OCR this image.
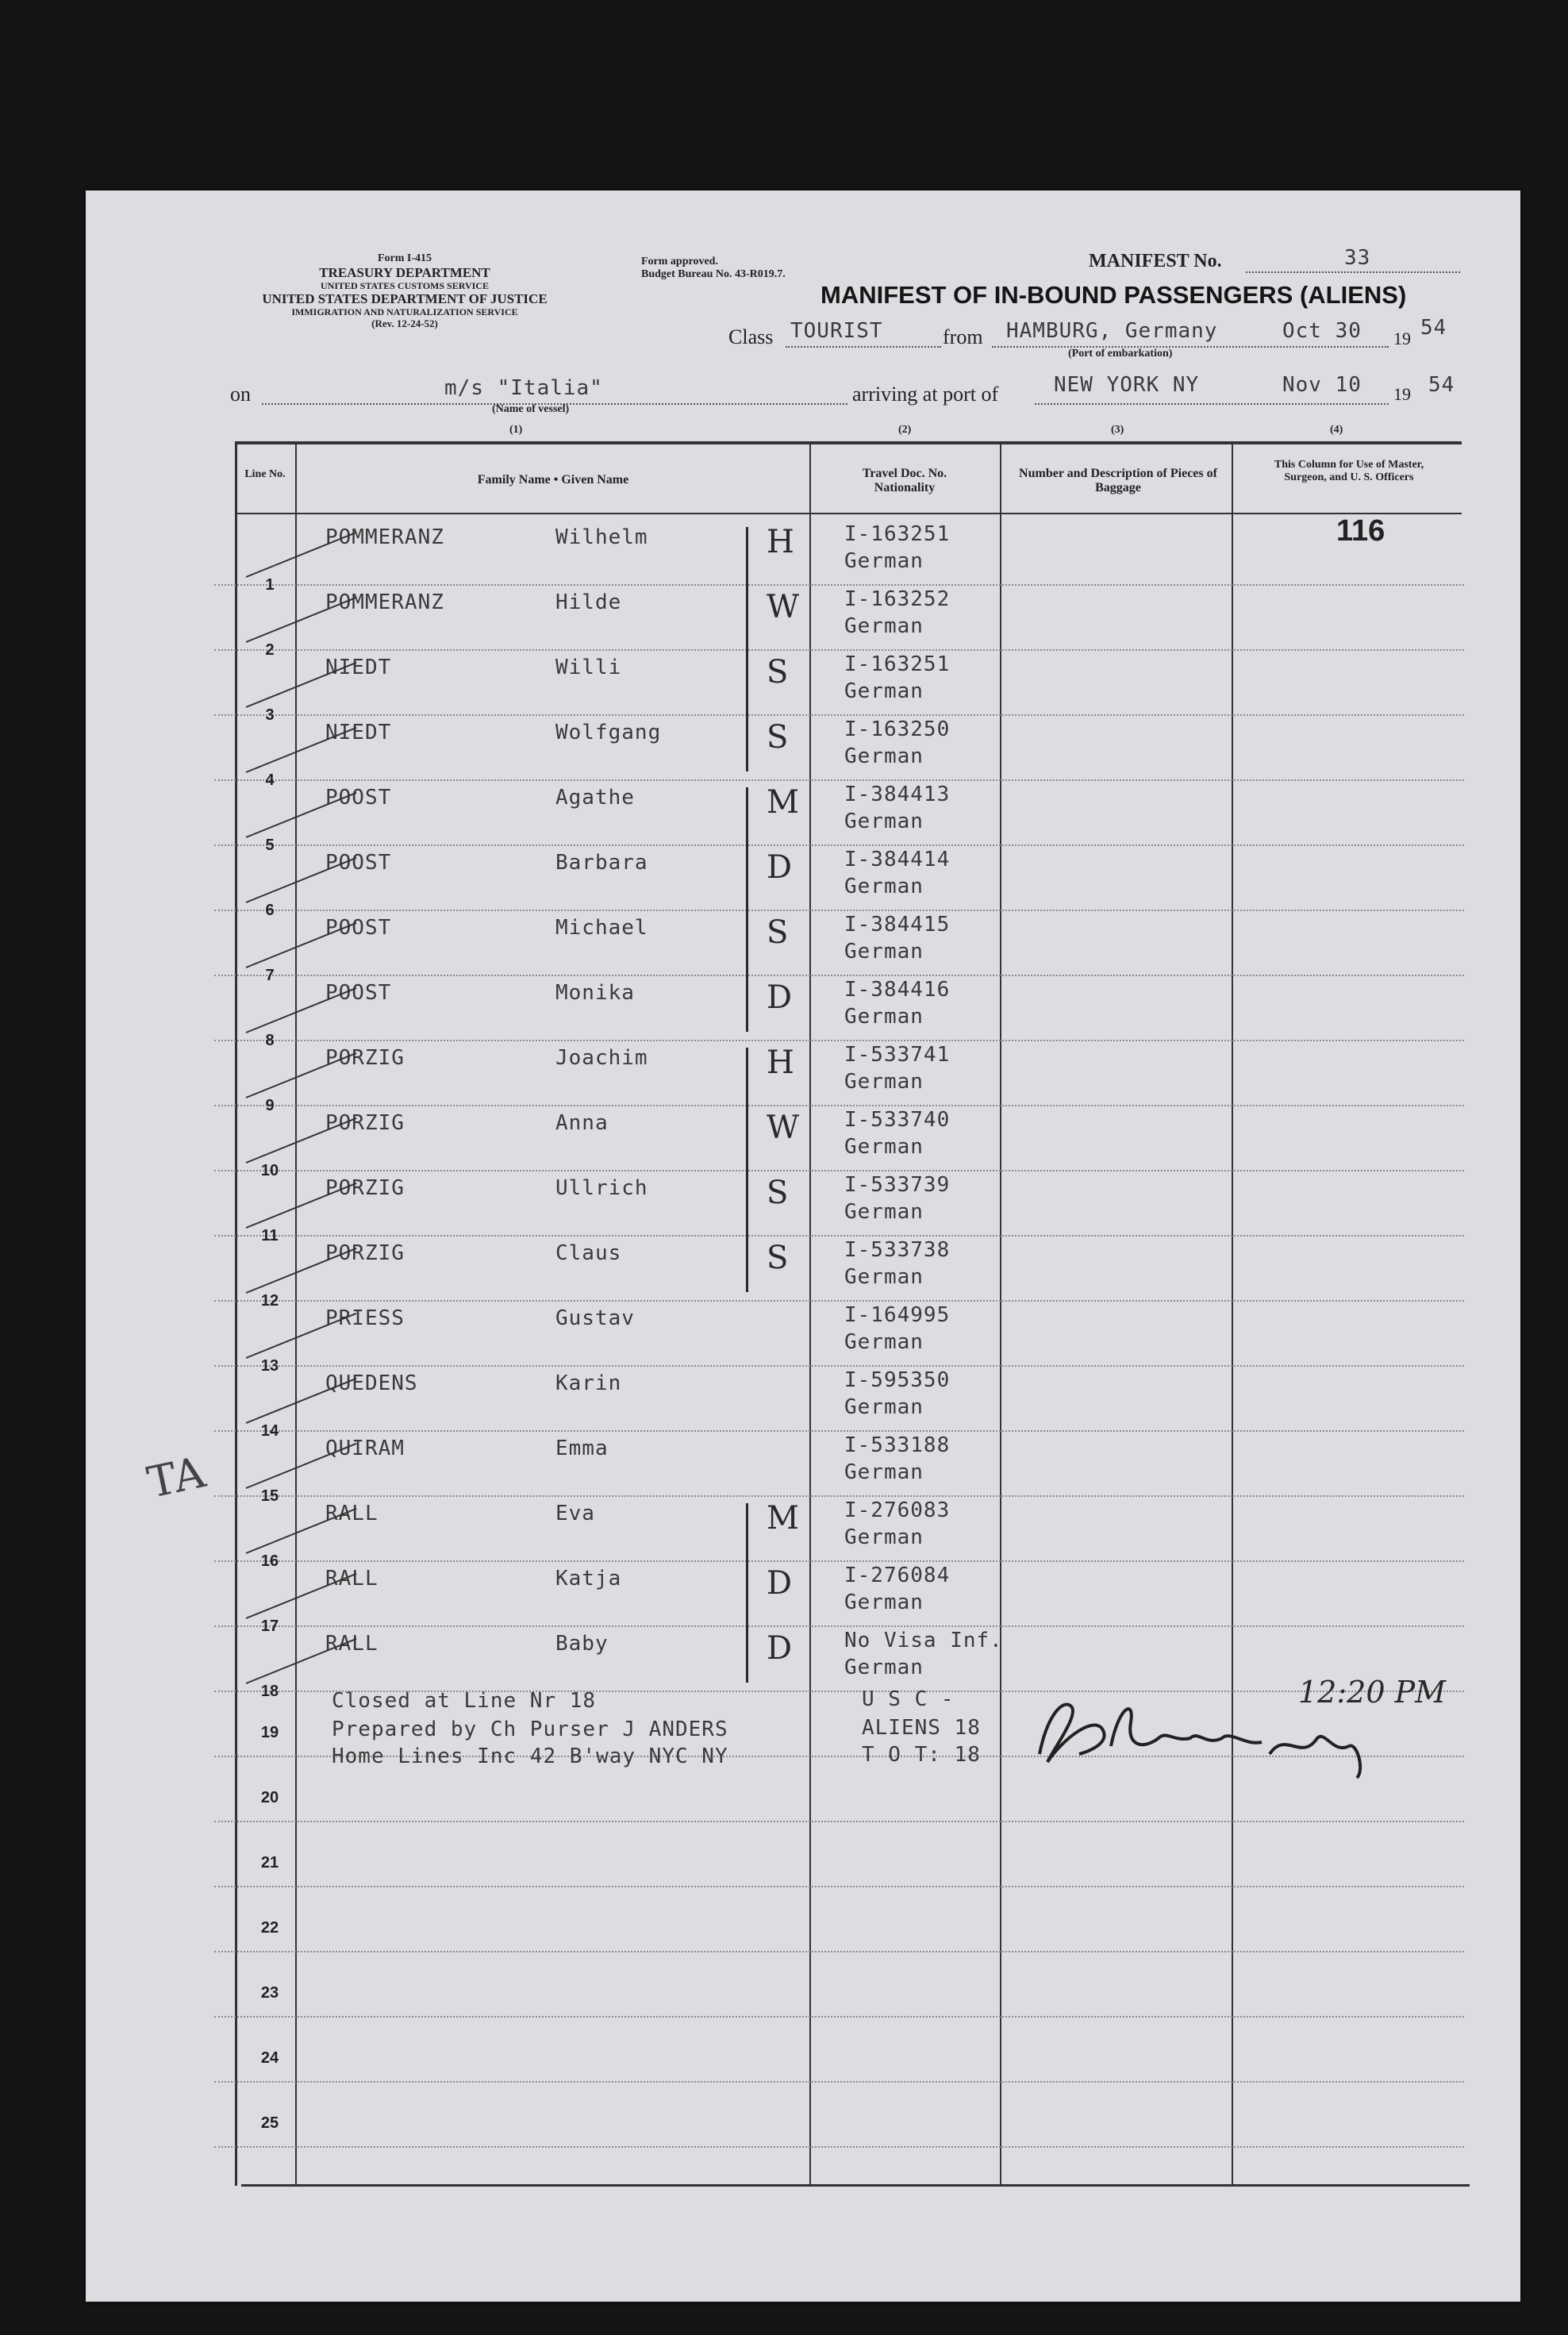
Form I-415
TREASURY DEPARTMENT
UNITED STATES CUSTOMS SERVICE
UNITED STATES DEPARTMENT OF JUSTICE
IMMIGRATION AND NATURALIZATION SERVICE
(Rev. 12-24-52)
Form approved.
Budget Bureau No. 43-R019.7.
MANIFEST No.	33
MANIFEST OF IN-BOUND PASSENGERS (ALIENS)
Class TOURIST	from HAMBURG, Germany	Oct 30 19 54
(Port of embarkation)
on	m/s "Italia"
(Name of vessel)
arriving at port of	NEW YORK NY	Nov 10 19 54
(1)	(2)	(3)	(4)
Line No.	Family Name • Given Name	Travel Doc. No. Nationality
Number and Description of Pieces of Baggage
This Column for Use of Master, Surgeon, and U. S. Officers
116
1
POMMERANZ	Wilhelm	H I-163251
German
2
POMMERANZ	Hilde	W I-163252
German
3
NIEDT	Willi	S	I-163251
German
4
NIEDT	Wolfgang	S	I-163250
German
5
POOST	Agathe	M I-384413
German
6
POOST	Barbara	D	I-384414
German
7
POOST	Michael	S	I-384415
German
8
POOST	Monika	D	I-384416
German
9
PORZIG	Joachim	H I-533741
German
10
PORZIG	Anna	W I-533740
German
11
PORZIG	Ullrich	S	I-533739
German
12
PORZIG	Claus	S	I-533738
German
13
PRIESS	Gustav	I-164995
German
14
QUEDENS	Karin	I-595350
German
15
QUIRAM	Emma	I-533188
German
16
RALL	Eva	M I-276083
German
17
RALL	Katja	D	I-276084
German
18
RALL	Baby	D	No Visa Inf.
German
19
20
21
22
23
24
25
Closed at Line Nr 18
Prepared by Ch Purser J ANDERS
Home Lines Inc 42 B'way NYC NY
U S C -
ALIENS 18
T O T: 18
12:20 PM
TA
